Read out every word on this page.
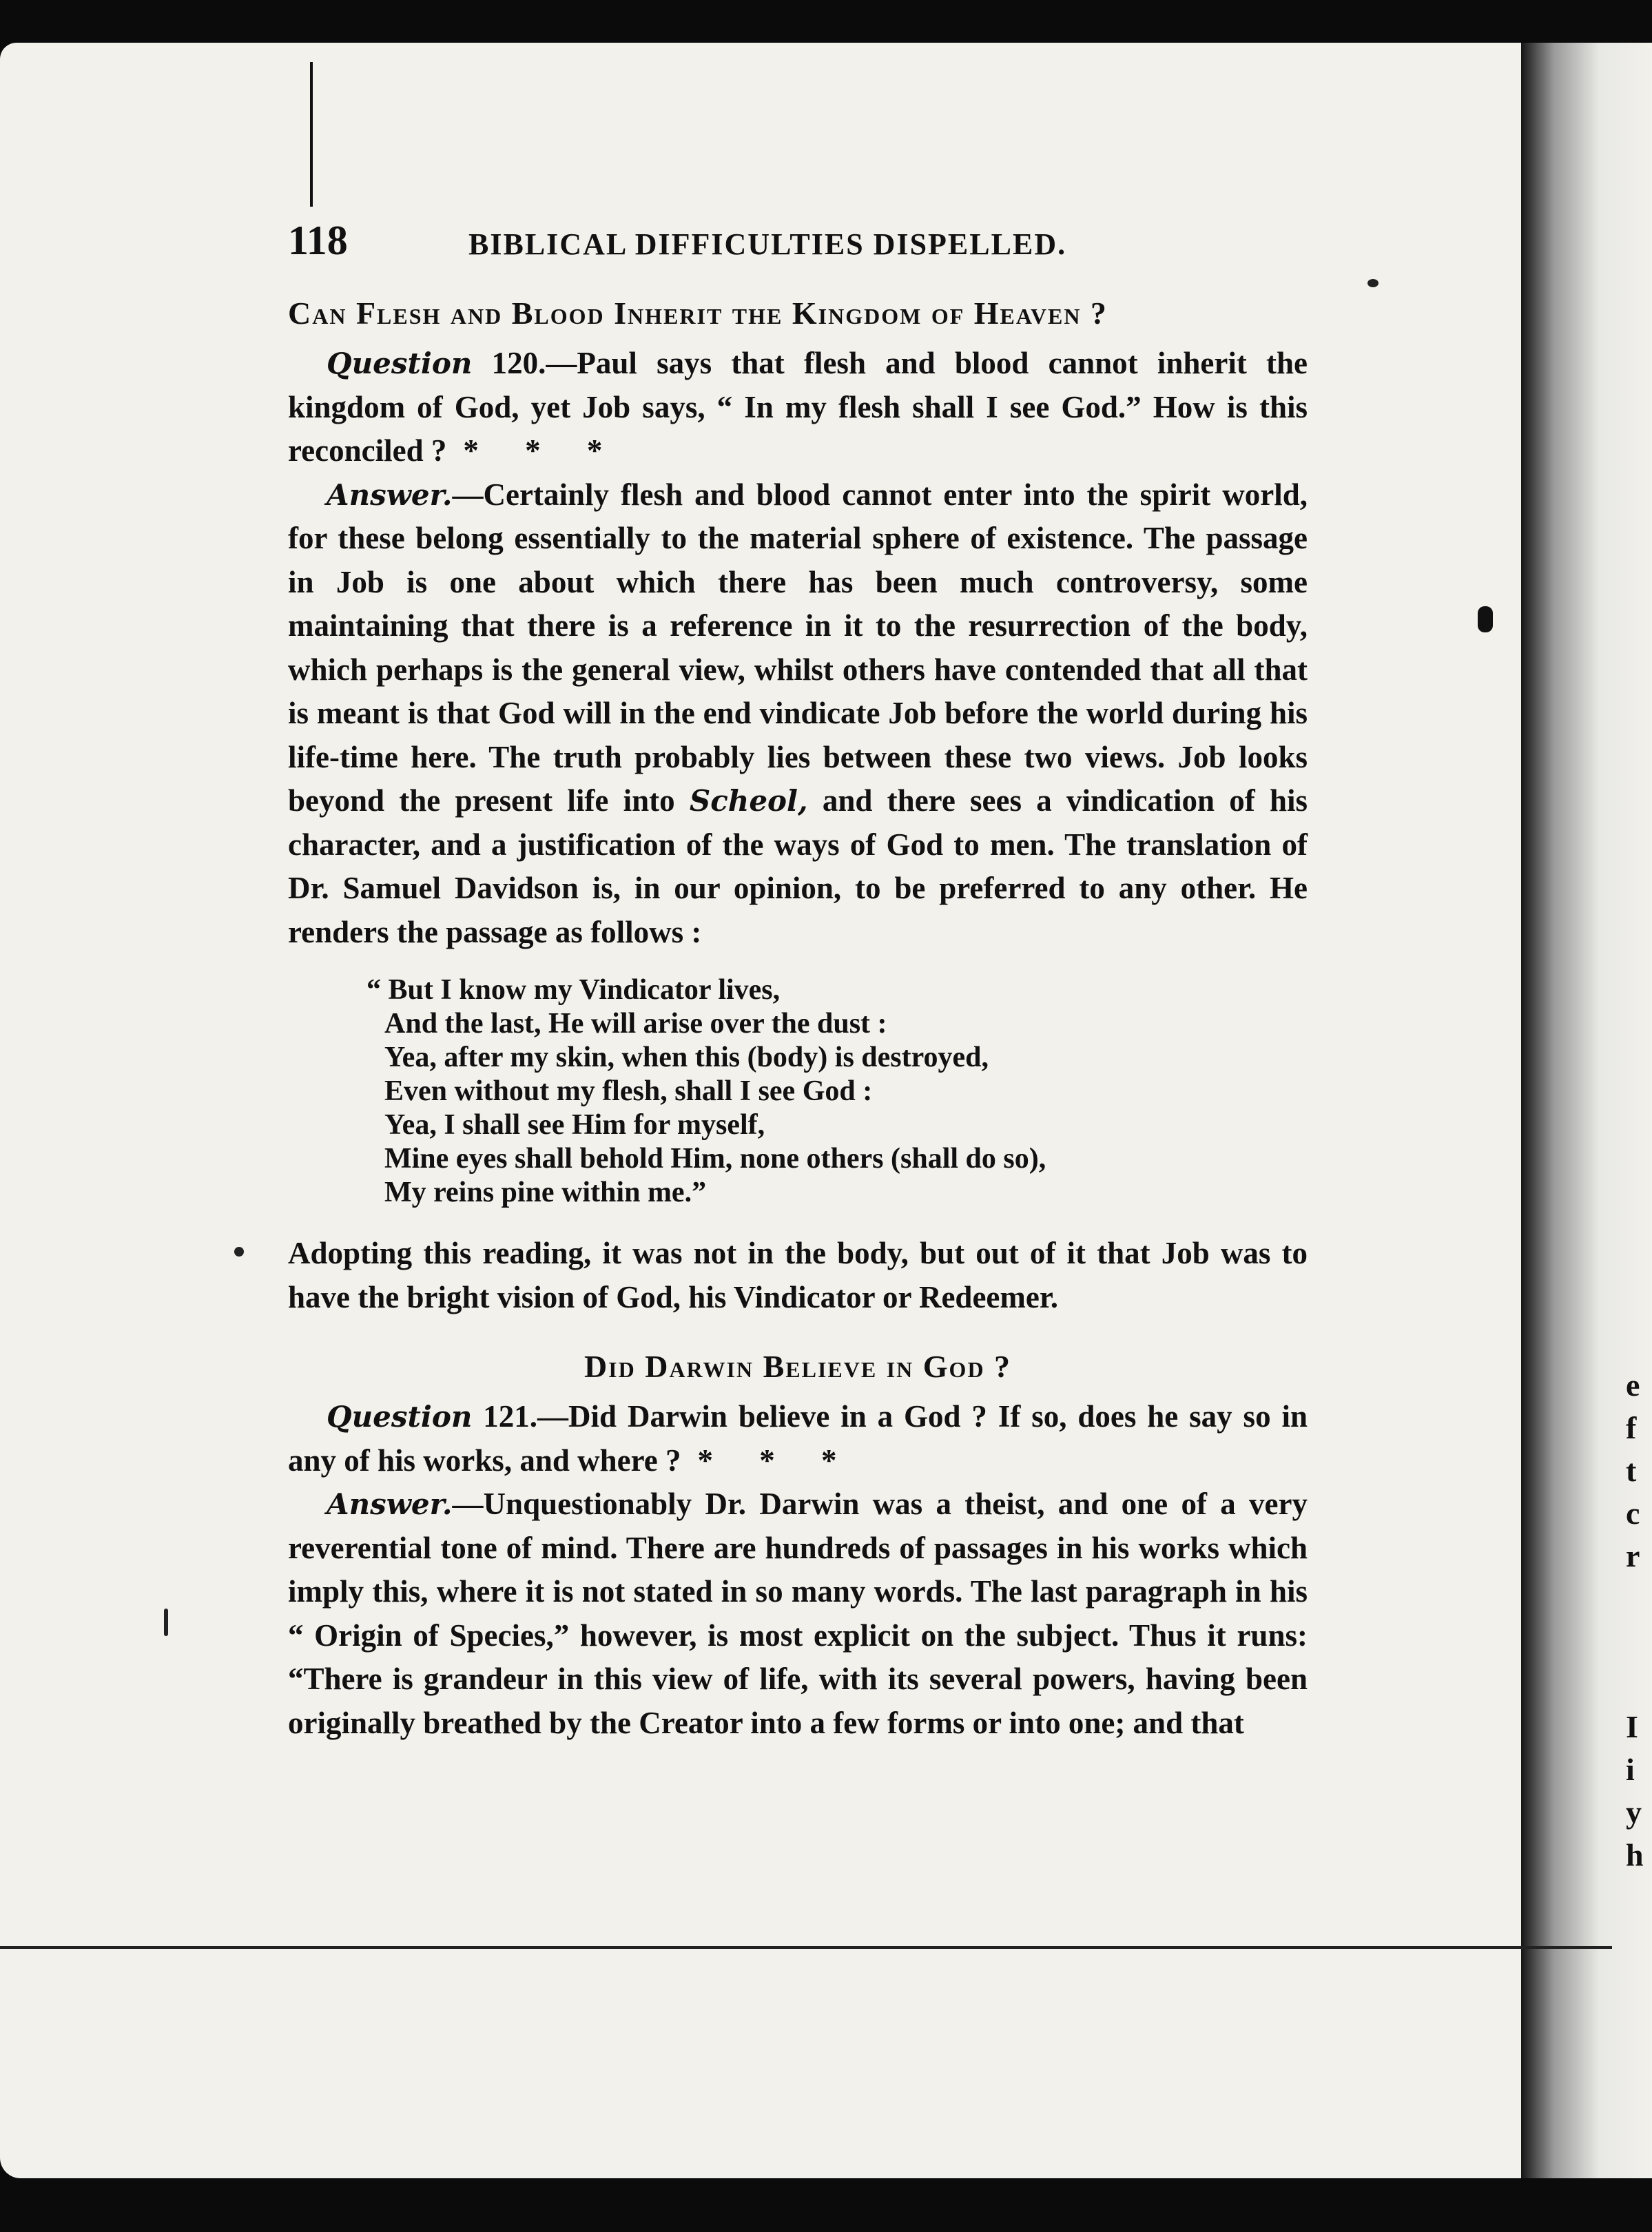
e
f
t
c
r
I
i
y
h
118	BIBLICAL DIFFICULTIES DISPELLED.
Can Flesh and Blood Inherit the Kingdom of Heaven ?

Question 120.—Paul says that flesh and blood cannot inherit the kingdom of God, yet Job says, “ In my flesh shall I see God.” How is this reconciled ? * * *

Answer.—Certainly flesh and blood cannot enter into the spirit world, for these belong essentially to the material sphere of existence. The passage in Job is one about which there has been much controversy, some maintaining that there is a reference in it to the resurrection of the body, which perhaps is the general view, whilst others have contended that all that is meant is that God will in the end vindicate Job before the world during his life-time here. The truth probably lies between these two views. Job looks beyond the present life into Scheol, and there sees a vindication of his character, and a justification of the ways of God to men. The translation of Dr. Samuel Davidson is, in our opinion, to be preferred to any other. He renders the passage as follows :

“ But I know my Vindicator lives,
And the last, He will arise over the dust :
Yea, after my skin, when this (body) is destroyed,
Even without my flesh, shall I see God :
Yea, I shall see Him for myself,
Mine eyes shall behold Him, none others (shall do so),
My reins pine within me.”

Adopting this reading, it was not in the body, but out of it that Job was to have the bright vision of God, his Vindicator or Redeemer.

Did Darwin Believe in God ?

Question 121.—Did Darwin believe in a God ? If so, does he say so in any of his works, and where ? * * *

Answer.—Unquestionably Dr. Darwin was a theist, and one of a very reverential tone of mind. There are hundreds of passages in his works which imply this, where it is not stated in so many words. The last paragraph in his “ Origin of Species,” however, is most explicit on the subject. Thus it runs: “There is grandeur in this view of life, with its several powers, having been originally breathed by the Creator into a few forms or into one; and that
